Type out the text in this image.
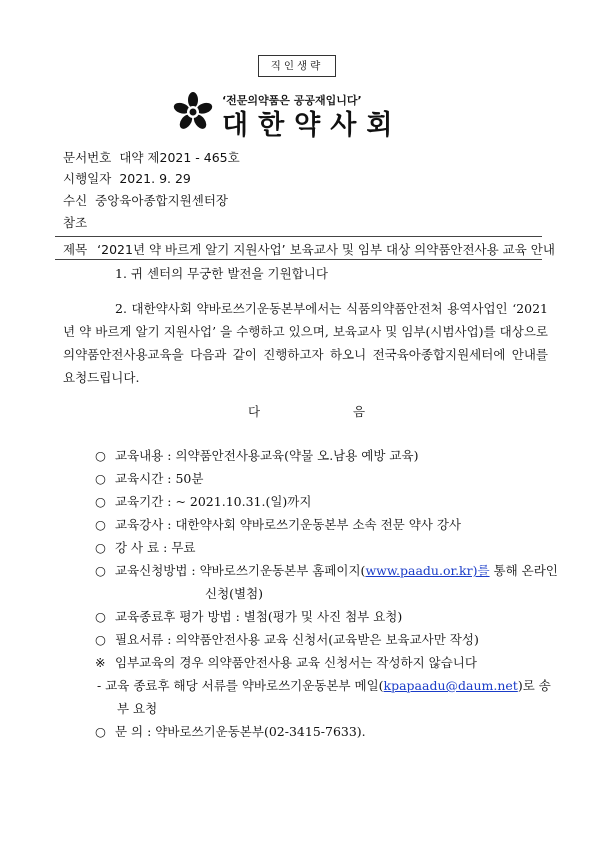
직인생략
‘전문의약품은 공공재입니다’
대한약사회
문서번호 대약 제2021 - 465호
시행일자 2021. 9. 29
수신 중앙육아종합지원센터장
참조
제목 ‘2021년 약 바르게 알기 지원사업’ 보육교사 및 임부 대상 의약품안전사용 교육 안내
1. 귀 센터의 무궁한 발전을 기원합니다
2. 대한약사회 약바로쓰기운동본부에서는 식품의약품안전처 용역사업인 ‘2021년 약 바르게 알기 지원사업’ 을 수행하고 있으며, 보육교사 및 임부(시범사업)를 대상으로 의약품안전사용교육을 다음과 같이 진행하고자 하오니 전국육아종합지원세터에 안내를 요청드립니다.
다	음
○ 교육내용 : 의약품안전사용교육(약물 오.남용 예방 교육)
○ 교육시간 : 50분
○ 교육기간 : ~ 2021.10.31.(일)까지
○ 교육강사 : 대한약사회 약바로쓰기운동본부 소속 전문 약사 강사
○ 강 사 료 : 무료
○ 교육신청방법 : 약바로쓰기운동본부 홈페이지(www.paadu.or.kr)를 통해 온라인
신청(별첨)
○ 교육종료후 평가 방법 : 별첨(평가 및 사진 첨부 요청)
○ 필요서류 : 의약품안전사용 교육 신청서(교육받은 보육교사만 작성)
※ 임부교육의 경우 의약품안전사용 교육 신청서는 작성하지 않습니다
- 교육 종료후 해당 서류를 약바로쓰기운동본부 메일(kpapaadu@daum.net)로 송
부 요청
○ 문 의 : 약바로쓰기운동본부(02-3415-7633).
